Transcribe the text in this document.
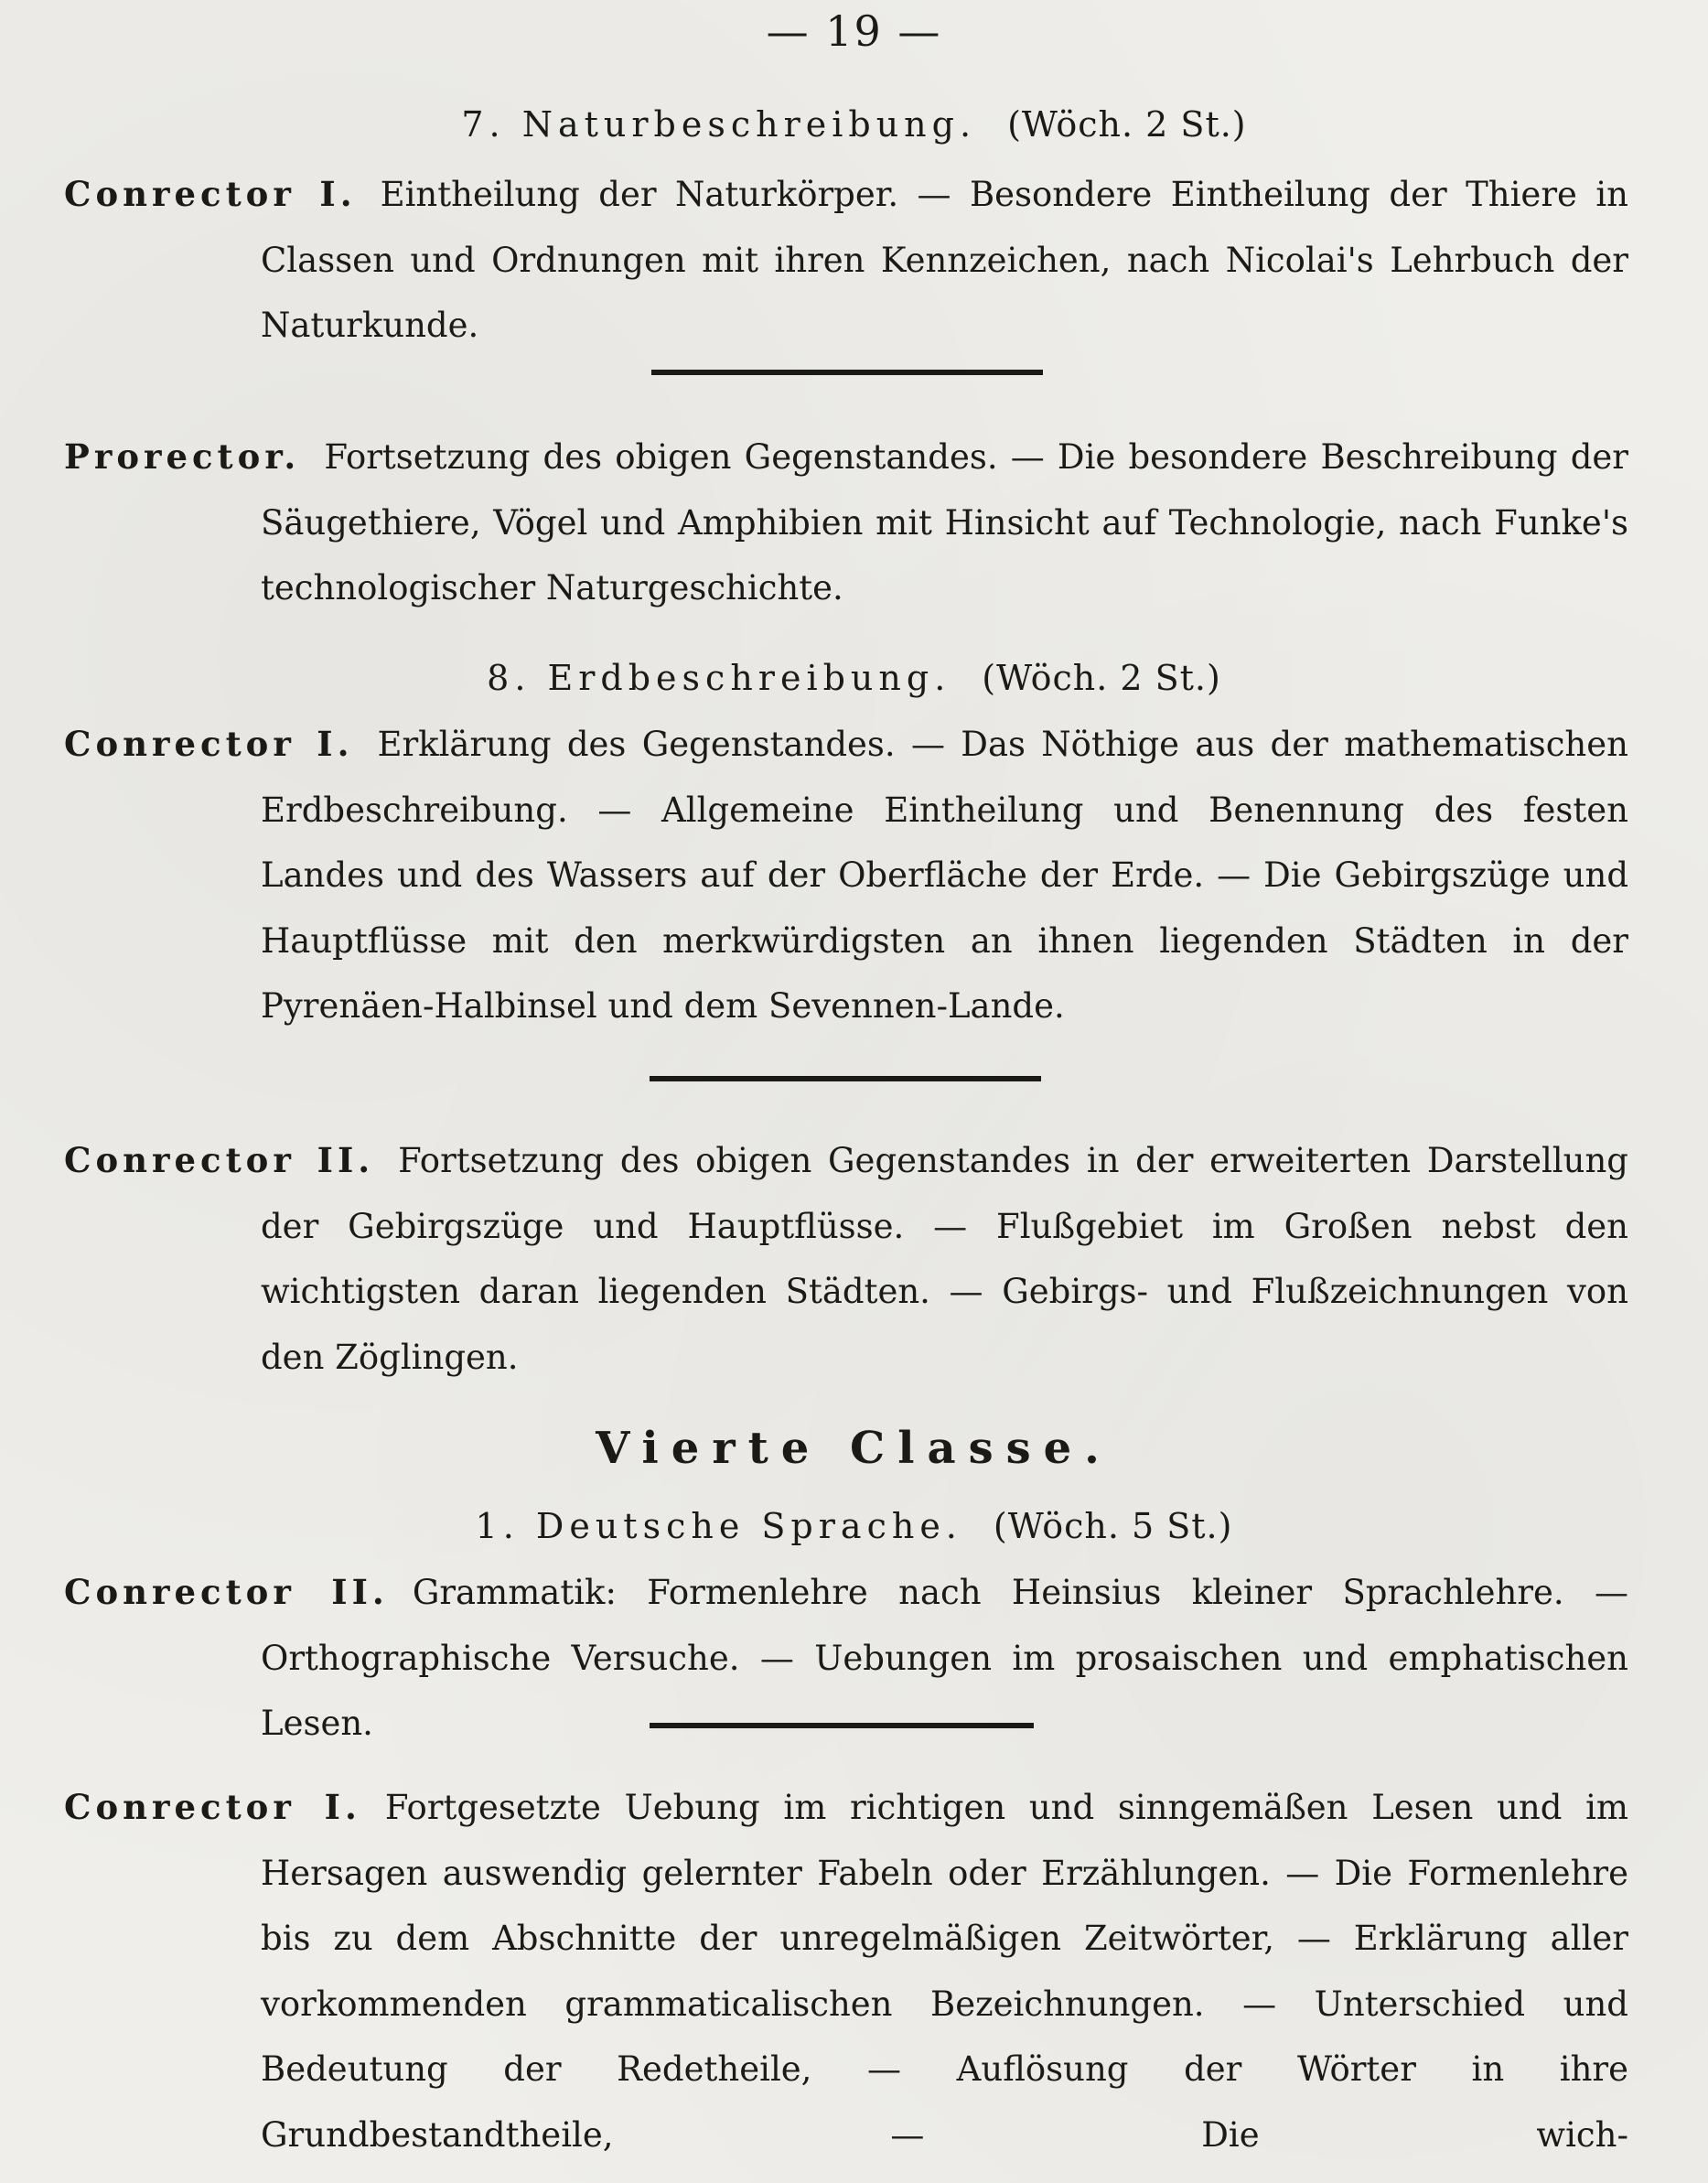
— 19 —
7. Naturbeschreibung. (Wöch. 2 St.)

Conrector I. Eintheilung der Naturkörper. — Besondere Eintheilung der Thiere in Classen und Ordnungen mit ihren Kennzeichen, nach Nicolai's Lehrbuch der Naturkunde.

Prorector. Fortsetzung des obigen Gegenstandes. — Die besondere Beschreibung der Säugethiere, Vögel und Amphibien mit Hinsicht auf Technologie, nach Funke's technologischer Naturgeschichte.

8. Erdbeschreibung. (Wöch. 2 St.)

Conrector I. Erklärung des Gegenstandes. — Das Nöthige aus der mathematischen Erdbeschreibung. — Allgemeine Eintheilung und Benennung des festen Landes und des Wassers auf der Oberfläche der Erde. — Die Gebirgszüge und Hauptflüsse mit den merkwürdigsten an ihnen liegenden Städten in der Pyrenäen-Halbinsel und dem Sevennen-Lande.

Conrector II. Fortsetzung des obigen Gegenstandes in der erweiterten Darstellung der Gebirgszüge und Hauptflüsse. — Flußgebiet im Großen nebst den wichtigsten daran liegenden Städten. — Gebirgs- und Flußzeichnungen von den Zöglingen.

Vierte Classe.
1. Deutsche Sprache. (Wöch. 5 St.)

Conrector II. Grammatik: Formenlehre nach Heinsius kleiner Sprachlehre. — Orthographische Versuche. — Uebungen im prosaischen und emphatischen Lesen.

Conrector I. Fortgesetzte Uebung im richtigen und sinngemäßen Lesen und im Hersagen auswendig gelernter Fabeln oder Erzählungen. — Die Formenlehre bis zu dem Abschnitte der unregelmäßigen Zeitwörter, — Erklärung aller vorkommenden grammaticalischen Bezeichnungen. — Unterschied und Bedeutung der Redetheile, — Auflösung der Wörter in ihre Grundbestandtheile, — Die wich-
